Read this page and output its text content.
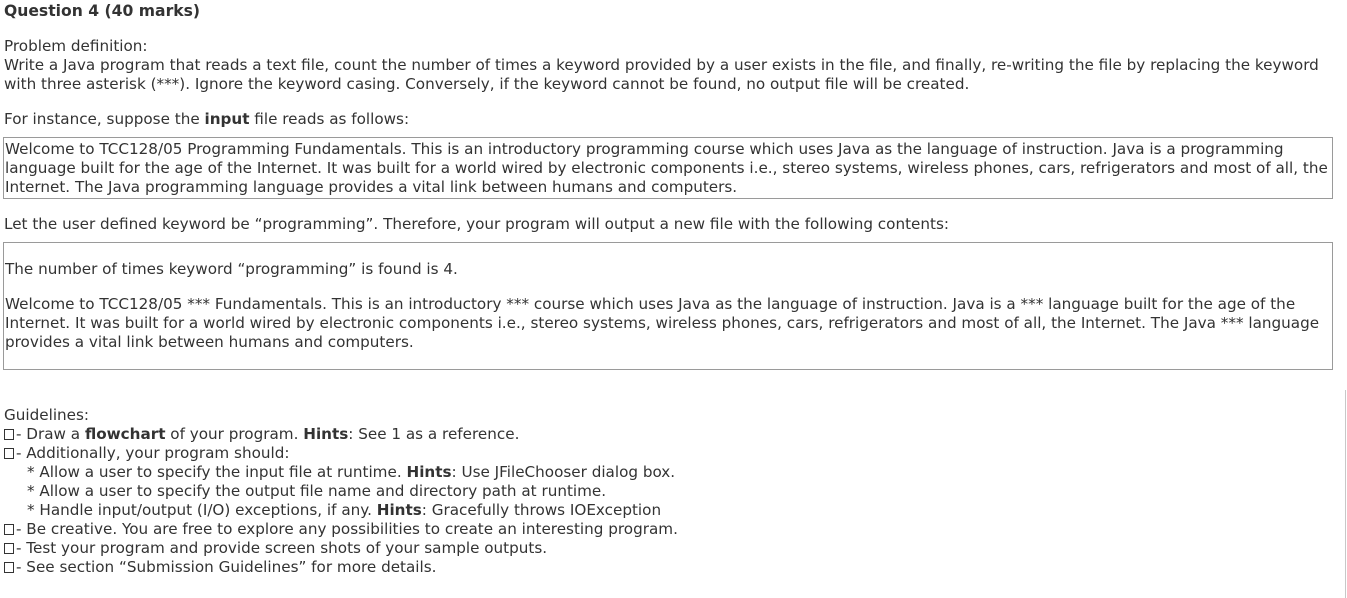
Question 4 (40 marks)
Problem definition:
Write a Java program that reads a text file, count the number of times a keyword provided by a user exists in the file, and finally, re-writing the file by replacing the keyword with three asterisk (***). Ignore the keyword casing. Conversely, if the keyword cannot be found, no output file will be created.
For instance, suppose the input file reads as follows:
Welcome to TCC128/05 Programming Fundamentals. This is an introductory programming course which uses Java as the language of instruction. Java is a programming language built for the age of the Internet. It was built for a world wired by electronic components i.e., stereo systems, wireless phones, cars, refrigerators and most of all, the Internet. The Java programming language provides a vital link between humans and computers.
Let the user defined keyword be “programming”. Therefore, your program will output a new file with the following contents:
The number of times keyword “programming” is found is 4.
Welcome to TCC128/05 *** Fundamentals. This is an introductory *** course which uses Java as the language of instruction. Java is a *** language built for the age of the Internet. It was built for a world wired by electronic components i.e., stereo systems, wireless phones, cars, refrigerators and most of all, the Internet. The Java *** language provides a vital link between humans and computers.
Guidelines:
- Draw a flowchart of your program. Hints: See 1 as a reference.
- Additionally, your program should:
* Allow a user to specify the input file at runtime. Hints: Use JFileChooser dialog box.
* Allow a user to specify the output file name and directory path at runtime.
* Handle input/output (I/O) exceptions, if any. Hints: Gracefully throws IOException
- Be creative. You are free to explore any possibilities to create an interesting program.
- Test your program and provide screen shots of your sample outputs.
- See section “Submission Guidelines” for more details.
